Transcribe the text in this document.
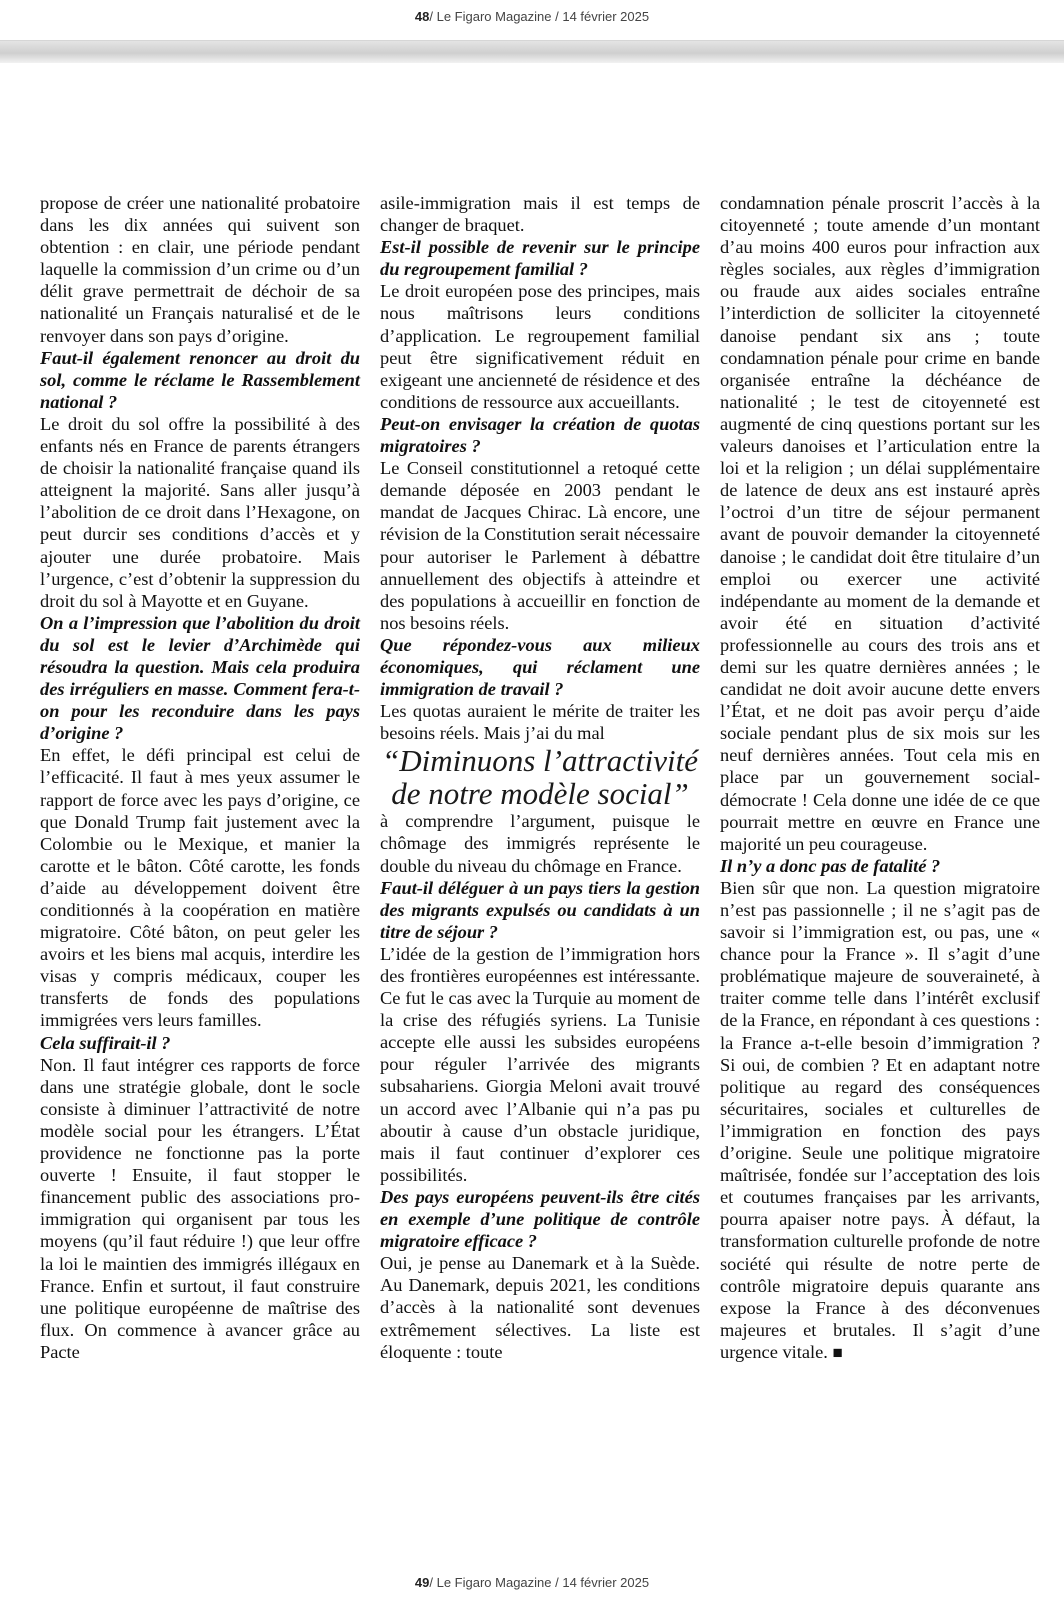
48/ Le Figaro Magazine / 14 février 2025

propose de créer une nationalité probatoire dans les dix années qui suivent son obtention : en clair, une période pendant laquelle la commission d’un crime ou d’un délit grave permettrait de déchoir de sa nationalité un Français naturalisé et de le renvoyer dans son pays d’origine.

Faut-il également renoncer au droit du sol, comme le réclame le Rassemblement national ?

Le droit du sol offre la possibilité à des enfants nés en France de parents étrangers de choisir la nationalité française quand ils atteignent la majorité. Sans aller jusqu’à l’abolition de ce droit dans l’Hexagone, on peut durcir ses conditions d’accès et y ajouter une durée probatoire. Mais l’urgence, c’est d’obtenir la suppression du droit du sol à Mayotte et en Guyane.

On a l’impression que l’abolition du droit du sol est le levier d’Archimède qui résoudra la question. Mais cela produira des irréguliers en masse. Comment fera-t-on pour les reconduire dans les pays d’origine ?

En effet, le défi principal est celui de l’efficacité. Il faut à mes yeux assumer le rapport de force avec les pays d’origine, ce que Donald Trump fait justement avec la Colombie ou le Mexique, et manier la carotte et le bâton. Côté carotte, les fonds d’aide au développement doivent être conditionnés à la coopération en matière migratoire. Côté bâton, on peut geler les avoirs et les biens mal acquis, interdire les visas y compris médicaux, couper les transferts de fonds des populations immigrées vers leurs familles.

Cela suffirait-il ?

Non. Il faut intégrer ces rapports de force dans une stratégie globale, dont le socle consiste à diminuer l’attractivité de notre modèle social pour les étrangers. L’État providence ne fonctionne pas la porte ouverte ! Ensuite, il faut stopper le financement public des associations pro-immigration qui organisent par tous les moyens (qu’il faut réduire !) que leur offre la loi le maintien des immigrés illégaux en France. Enfin et surtout, il faut construire une politique européenne de maîtrise des flux. On commence à avancer grâce au Pacte

asile-immigration mais il est temps de changer de braquet.

Est-il possible de revenir sur le principe du regroupement familial ?

Le droit européen pose des principes, mais nous maîtrisons leurs conditions d’application. Le regroupement familial peut être significativement réduit en exigeant une ancienneté de résidence et des conditions de ressource aux accueillants.

Peut-on envisager la création de quotas migratoires ?

Le Conseil constitutionnel a retoqué cette demande déposée en 2003 pendant le mandat de Jacques Chirac. Là encore, une révision de la Constitution serait nécessaire pour autoriser le Parlement à débattre annuellement des objectifs à atteindre et des populations à accueillir en fonction de nos besoins réels.

Que répondez-vous aux milieux économiques, qui réclament une immigration de travail ?

Les quotas auraient le mérite de traiter les besoins réels. Mais j’ai du mal

“Diminuons l’attractivité de notre modèle social”

à comprendre l’argument, puisque le chômage des immigrés représente le double du niveau du chômage en France.

Faut-il déléguer à un pays tiers la gestion des migrants expulsés ou candidats à un titre de séjour ?

L’idée de la gestion de l’immigration hors des frontières européennes est intéressante. Ce fut le cas avec la Turquie au moment de la crise des réfugiés syriens. La Tunisie accepte elle aussi les subsides européens pour réguler l’arrivée des migrants subsahariens. Giorgia Meloni avait trouvé un accord avec l’Albanie qui n’a pas pu aboutir à cause d’un obstacle juridique, mais il faut continuer d’explorer ces possibilités.

Des pays européens peuvent-ils être cités en exemple d’une politique de contrôle migratoire efficace ?

Oui, je pense au Danemark et à la Suède. Au Danemark, depuis 2021, les conditions d’accès à la nationalité sont devenues extrêmement sélectives. La liste est éloquente : toute

condamnation pénale proscrit l’accès à la citoyenneté ; toute amende d’un montant d’au moins 400 euros pour infraction aux règles sociales, aux règles d’immigration ou fraude aux aides sociales entraîne l’interdiction de solliciter la citoyenneté danoise pendant six ans ; toute condamnation pénale pour crime en bande organisée entraîne la déchéance de nationalité ; le test de citoyenneté est augmenté de cinq questions portant sur les valeurs danoises et l’articulation entre la loi et la religion ; un délai supplémentaire de latence de deux ans est instauré après l’octroi d’un titre de séjour permanent avant de pouvoir demander la citoyenneté danoise ; le candidat doit être titulaire d’un emploi ou exercer une activité indépendante au moment de la demande et avoir été en situation d’activité professionnelle au cours des trois ans et demi sur les quatre dernières années ; le candidat ne doit avoir aucune dette envers l’État, et ne doit pas avoir perçu d’aide sociale pendant plus de six mois sur les neuf dernières années. Tout cela mis en place par un gouvernement social-démocrate ! Cela donne une idée de ce que pourrait mettre en œuvre en France une majorité un peu courageuse.

Il n’y a donc pas de fatalité ?

Bien sûr que non. La question migratoire n’est pas passionnelle ; il ne s’agit pas de savoir si l’immigration est, ou pas, une « chance pour la France ». Il s’agit d’une problématique majeure de souveraineté, à traiter comme telle dans l’intérêt exclusif de la France, en répondant à ces questions : la France a-t-elle besoin d’immigration ? Si oui, de combien ? Et en adaptant notre politique au regard des conséquences sécuritaires, sociales et culturelles de l’immigration en fonction des pays d’origine. Seule une politique migratoire maîtrisée, fondée sur l’acceptation des lois et coutumes françaises par les arrivants, pourra apaiser notre pays. À défaut, la transformation culturelle profonde de notre société qui résulte de notre perte de contrôle migratoire depuis quarante ans expose la France à des déconvenues majeures et brutales. Il s’agit d’une urgence vitale. ■

49/ Le Figaro Magazine / 14 février 2025
